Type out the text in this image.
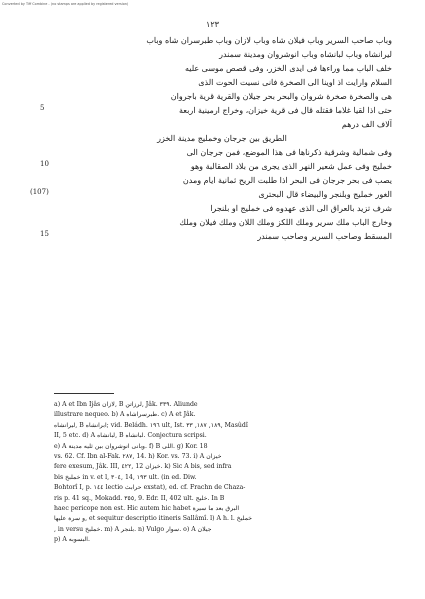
Converted by Tiff Combine - (no stamps are applied by registered version)
١٢٣
وباب صاحب السرير وباب فيلان شاه وباب لازان وباب طبرسران شاه وباب
ليرانشاه وباب لبانشاه وباب انوشروان ومدينة سمندر
خلف الباب مما وراءها فى ايدى الخزر، وفى قصص موسى عليه
السلام وارايت اذ اوينا الى الصخرة فانى نسيت الحوت الذى
هى والصخرة صخرة شروان والبحر بحر جيلان والقرية قرية باجروان
حتى اذا لقيا غلاما فقتله قال فى قرية خيزان، وخراج ارمينية اربعة
آلاف الف درهم
الطريق بين جرجان وخمليج مدينة الخزر
وفى شمالية وشرقية ذكرناها فى هذا الموضع، فمن جرجان الى
خمليج وفى عمل شعير النهر الذى يجرى من بلاد الصقالبة وهو
يصب فى بحر جرجان فى البحر اذا طلبت الريح ثمانية ايام ومدن
الغور خمليج وبلنجر والبيضاء قال البحترى
شرف تزيد بالعراق الى الذى عهدوه فى خمليج او بلنجرا
وخارج الباب ملك سرير وملك اللكز وملك اللان وملك فيلان وملك
المسقط وصاحب السرير وصاحب سمندر
5
10
(107)
15
a) A et Ibn Ijâs لازان, B لرزاتن, Jâk. ٣٣٩. Aliunde
illustrare nequeo. b) A طبرسراشاه. c) A et Jâk.
ليرانشاه, B ابرانشاه; vid. Beládh. ١٩٦ ult, Ist. ١٨٩, ١٨٧, ٣٣, Masûdî
II, 5 etc. d) A لبانشاه, B لبانشاه. Conjectura scripsi.
e) A وبانى انوشروان بين ثليه مدينة. f) B اللى. g) Kor. 18
vs. 62. Cf. Ibn al-Fak. ٢٨٧, 14. h) Kor. vs. 73. i) A خيزان
fere exesum, Jâk. III, ٤٢٢, 12 خيزان. k) Sic A bis, sed infra
bis خملبخ in v. et l, ٣٠٤, 14, ١٩٣ ult. (in ed. Diw.
Bohtorî I, p. ١٤٤ lectio حرابث exstat), ed. cf. Frachn de Chaza-
ris p. 41 sq., Mokadd. ٣٥٥, 9. Edr. II, 402 ult. خليج. In B
haec pericope non est. Hic autem hic habet البرق بعد ما سيرة
و سرة عليها, et sequitur descriptio itineris Sallâmî. l) A h. l. خمليخ
, in versu خمليخ. m) A بلنجر. n) Vulgo سوار. o) A جيلان
p) A البسوبه.
